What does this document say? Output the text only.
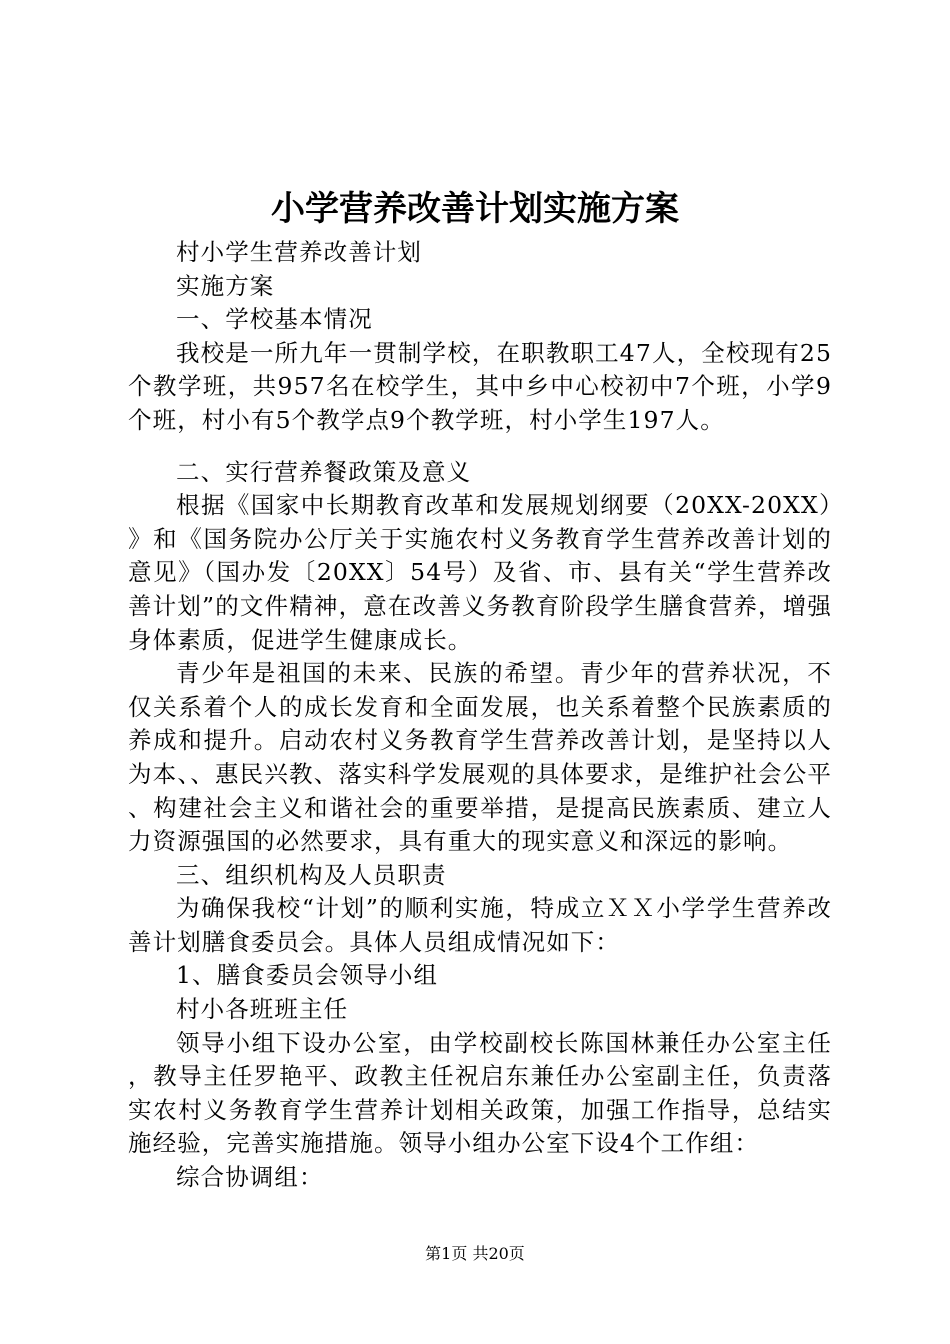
小学营养改善计划实施方案

村小学生营养改善计划

实施方案

一、学校基本情况

我校是一所九年一贯制学校，在职教职工47人，全校现有25个教学班，共957名在校学生，其中乡中心校初中7个班，小学9个班，村小有5个教学点9个教学班，村小学生197人。

二、实行营养餐政策及意义

根据《国家中长期教育改革和发展规划纲要（20XX-20XX）》和《国务院办公厅关于实施农村义务教育学生营养改善计划的意见》（国办发〔20XX〕54号）及省、市、县有关“学生营养改善计划”的文件精神，意在改善义务教育阶段学生膳食营养，增强身体素质，促进学生健康成长。

青少年是祖国的未来、民族的希望。青少年的营养状况，不仅关系着个人的成长发育和全面发展，也关系着整个民族素质的养成和提升。启动农村义务教育学生营养改善计划，是坚持以人为本、、惠民兴教、落实科学发展观的具体要求，是维护社会公平、构建社会主义和谐社会的重要举措，是提高民族素质、建立人力资源强国的必然要求，具有重大的现实意义和深远的影响。

三、组织机构及人员职责

为确保我校“计划”的顺利实施，特成立ＸＸ小学学生营养改善计划膳食委员会。具体人员组成情况如下：

1、膳食委员会领导小组

村小各班班主任

领导小组下设办公室，由学校副校长陈国林兼任办公室主任，教导主任罗艳平、政教主任祝启东兼任办公室副主任，负责落实农村义务教育学生营养计划相关政策，加强工作指导，总结实施经验，完善实施措施。领导小组办公室下设4个工作组：

综合协调组：

第1页 共20页
